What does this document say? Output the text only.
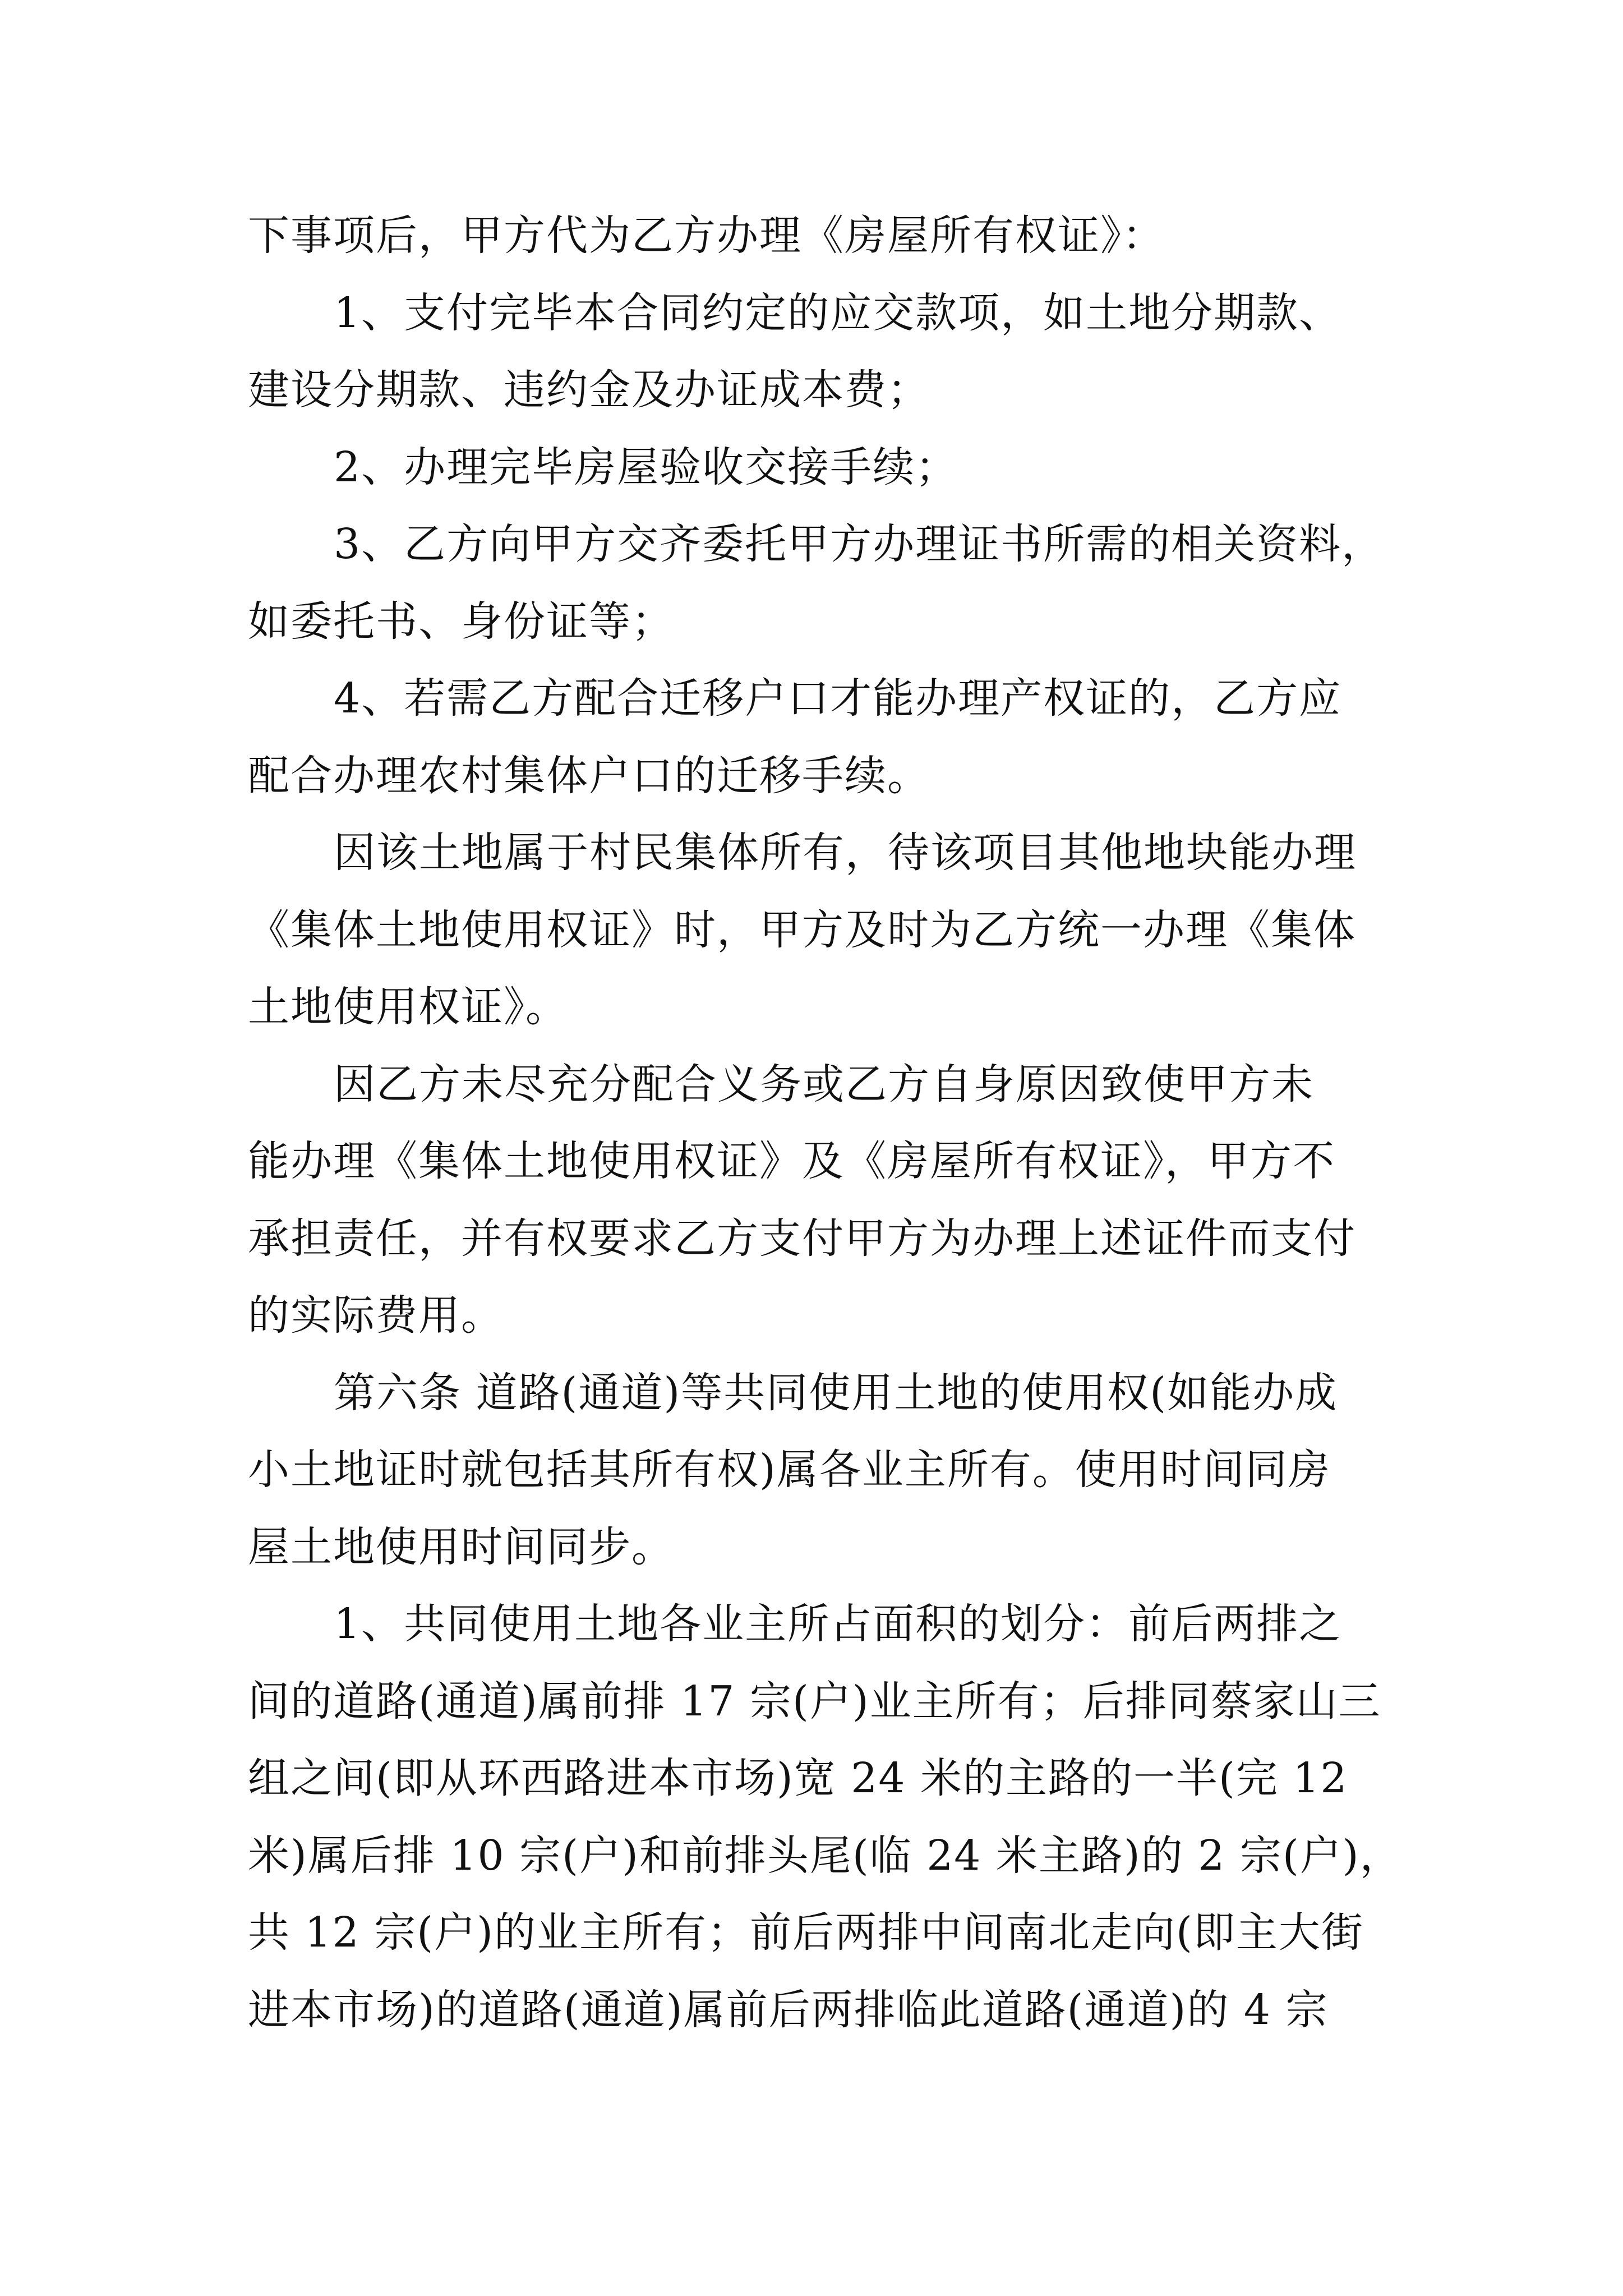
下事项后，甲方代为乙方办理《房屋所有权证》：

1、支付完毕本合同约定的应交款项，如土地分期款、

建设分期款、违约金及办证成本费；

2、办理完毕房屋验收交接手续；

3、乙方向甲方交齐委托甲方办理证书所需的相关资料，

如委托书、身份证等；

4、若需乙方配合迁移户口才能办理产权证的，乙方应

配合办理农村集体户口的迁移手续。

因该土地属于村民集体所有，待该项目其他地块能办理

《集体土地使用权证》时，甲方及时为乙方统一办理《集体

土地使用权证》。

因乙方未尽充分配合义务或乙方自身原因致使甲方未

能办理《集体土地使用权证》及《房屋所有权证》，甲方不

承担责任，并有权要求乙方支付甲方为办理上述证件而支付

的实际费用。

第六条 道路(通道)等共同使用土地的使用权(如能办成

小土地证时就包括其所有权)属各业主所有。使用时间同房

屋土地使用时间同步。

1、共同使用土地各业主所占面积的划分：前后两排之

间的道路(通道)属前排 17 宗(户)业主所有；后排同蔡家山三

组之间(即从环西路进本市场)宽 24 米的主路的一半(完 12

米)属后排 10 宗(户)和前排头尾(临 24 米主路)的 2 宗(户)，

共 12 宗(户)的业主所有；前后两排中间南北走向(即主大街

进本市场)的道路(通道)属前后两排临此道路(通道)的 4 宗
